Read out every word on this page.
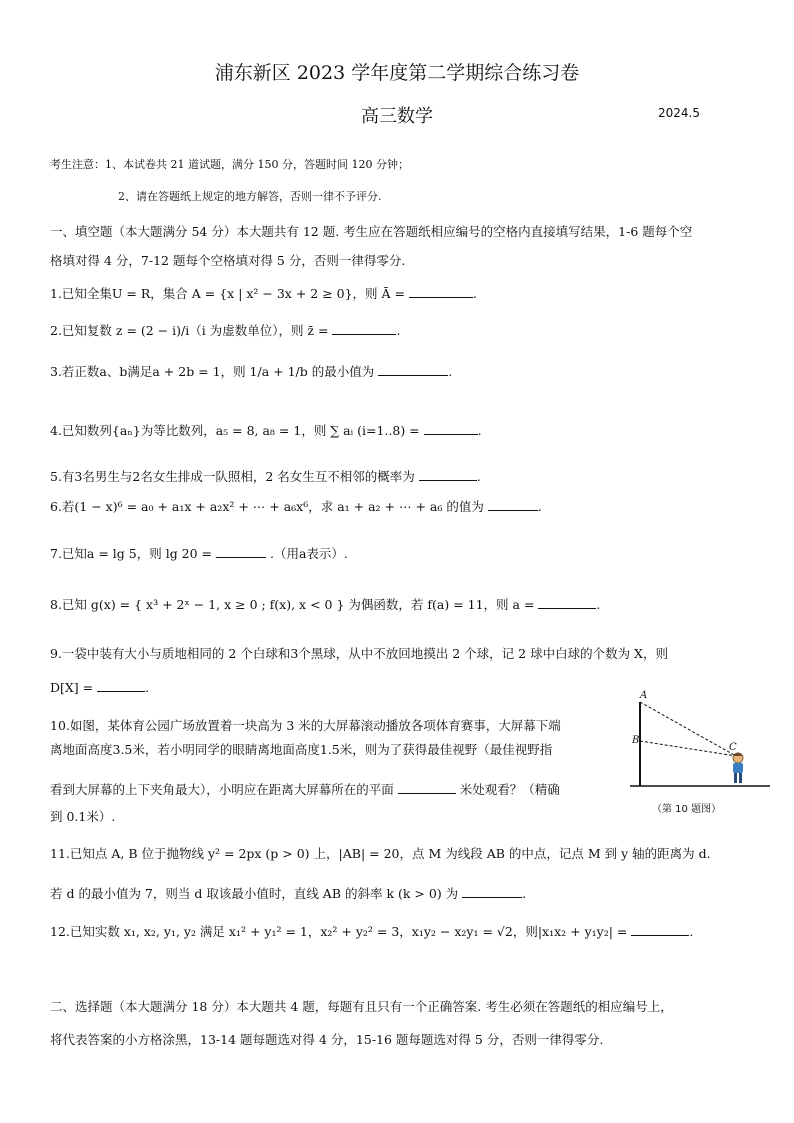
浦东新区 2023 学年度第二学期综合练习卷
高三数学	2024.5
考生注意：1、本试卷共 21 道试题，满分 150 分，答题时间 120 分钟；
2、请在答题纸上规定的地方解答，否则一律不予评分.
一、填空题（本大题满分 54 分）本大题共有 12 题. 考生应在答题纸相应编号的空格内直接填写结果，1-6 题每个空
格填对得 4 分，7-12 题每个空格填对得 5 分，否则一律得零分.
1.已知全集U = R，集合 A = {x | x² − 3x + 2 ≥ 0}，则 Ā =	.
2.已知复数 z = (2 − i)/i（i 为虚数单位），则 z̄ =	.
3.若正数a、b满足a + 2b = 1，则 1/a + 1/b 的最小值为	.
4.已知数列{aₙ}为等比数列，a₅ = 8, a₈ = 1，则 ∑ aᵢ (i=1..8) =	.
5.有3名男生与2名女生排成一队照相，2 名女生互不相邻的概率为	.
6.若(1 − x)⁶ = a₀ + a₁x + a₂x² + ⋯ + a₆x⁶，求 a₁ + a₂ + ⋯ + a₆ 的值为	.
7.已知a = lg 5，则 lg 20 =	.（用a表示）.
8.已知 g(x) = { x³ + 2ˣ − 1, x ≥ 0 ; f(x), x < 0 } 为偶函数，若 f(a) = 11，则 a =	.
9.一袋中装有大小与质地相同的 2 个白球和3个黑球，从中不放回地摸出 2 个球，记 2 球中白球的个数为 X，则
D[X] =	.
10.如图，某体育公园广场放置着一块高为 3 米的大屏幕滚动播放各项体育赛事，大屏幕下端
离地面高度3.5米，若小明同学的眼睛离地面高度1.5米，则为了获得最佳视野（最佳视野指
看到大屏幕的上下夹角最大），小明应在距离大屏幕所在的平面	米处观看？（精确
到 0.1米）.
A
B
C
（第 10 题图）
11.已知点 A, B 位于抛物线 y² = 2px (p > 0) 上，|AB| = 20，点 M 为线段 AB 的中点，记点 M 到 y 轴的距离为 d.
若 d 的最小值为 7，则当 d 取该最小值时，直线 AB 的斜率 k (k > 0) 为	.
12.已知实数 x₁, x₂, y₁, y₂ 满足 x₁² + y₁² = 1，x₂² + y₂² = 3，x₁y₂ − x₂y₁ = √2，则|x₁x₂ + y₁y₂| =	.
二、选择题（本大题满分 18 分）本大题共 4 题，每题有且只有一个正确答案. 考生必须在答题纸的相应编号上，
将代表答案的小方格涂黑，13-14 题每题选对得 4 分，15-16 题每题选对得 5 分，否则一律得零分.
